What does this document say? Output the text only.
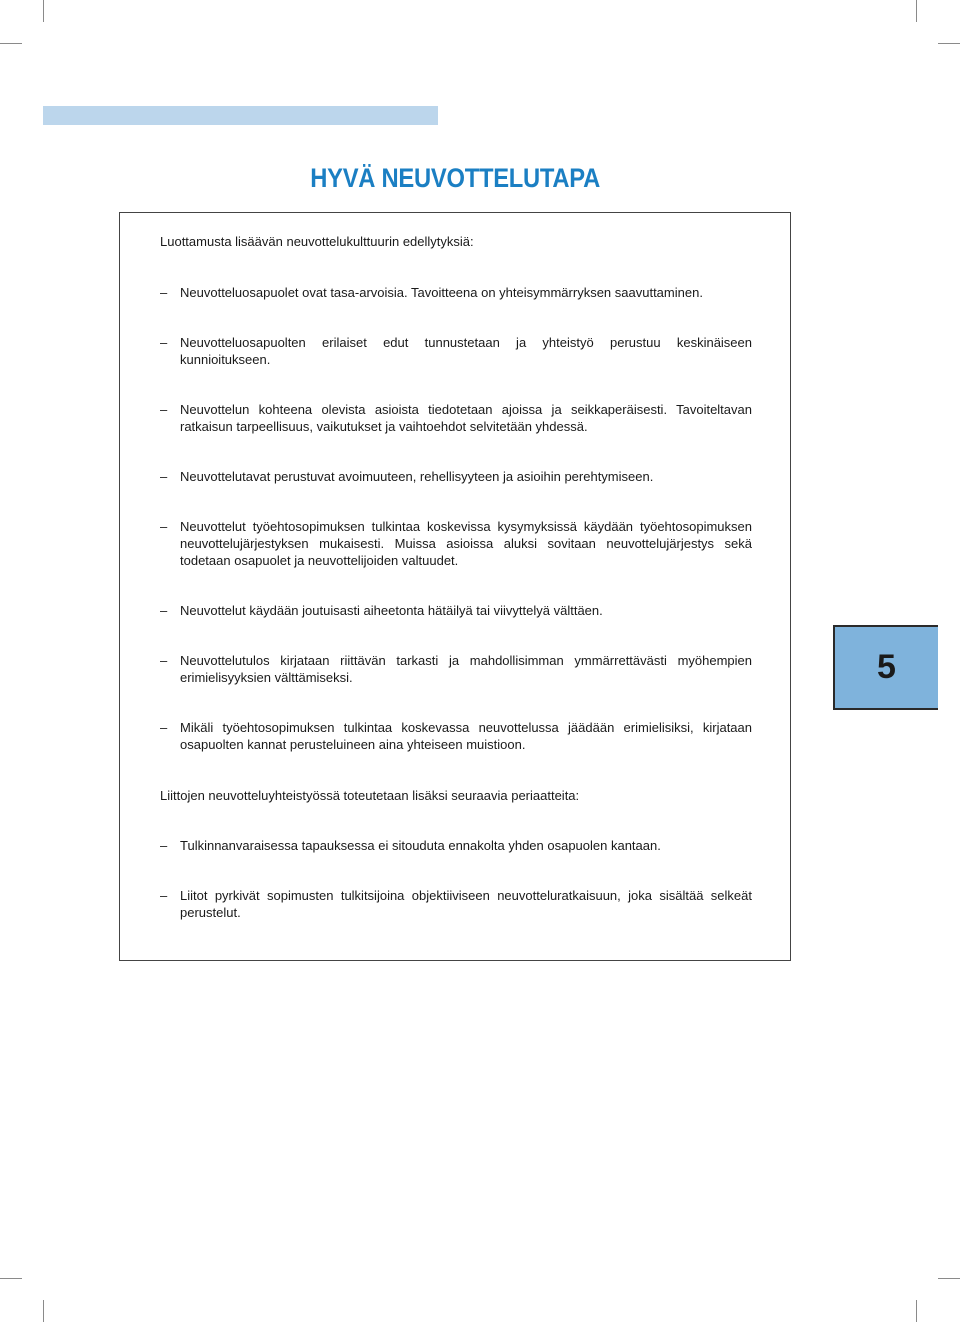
HYVÄ NEUVOTTELUTAPA

Luottamusta lisäävän neuvottelukulttuurin edellytyksiä:

– Neuvotteluosapuolet ovat tasa-arvoisia. Tavoitteena on yhteisymmärryksen saavuttaminen.
– Neuvotteluosapuolten erilaiset edut tunnustetaan ja yhteistyö perustuu keskinäiseen kunnioitukseen.
– Neuvottelun kohteena olevista asioista tiedotetaan ajoissa ja seikkaperäisesti. Tavoiteltavan ratkaisun tarpeellisuus, vaikutukset ja vaihtoehdot selvitetään yhdessä.
– Neuvottelutavat perustuvat avoimuuteen, rehellisyyteen ja asioihin perehtymiseen.
– Neuvottelut työehtosopimuksen tulkintaa koskevissa kysymyksissä käydään työehtosopimuksen neuvottelujärjestyksen mukaisesti. Muissa asioissa aluksi sovitaan neuvottelujärjestys sekä todetaan osapuolet ja neuvottelijoiden valtuudet.
– Neuvottelut käydään joutuisasti aiheetonta hätäilyä tai viivyttelyä välttäen.
– Neuvottelutulos kirjataan riittävän tarkasti ja mahdollisimman ymmärrettävästi myöhempien erimielisyyksien välttämiseksi.
– Mikäli työehtosopimuksen tulkintaa koskevassa neuvottelussa jäädään erimielisiksi, kirjataan osapuolten kannat perusteluineen aina yhteiseen muistioon.

Liittojen neuvotteluyhteistyössä toteutetaan lisäksi seuraavia periaatteita:

– Tulkinnanvaraisessa tapauksessa ei sitouduta ennakolta yhden osapuolen kantaan.
– Liitot pyrkivät sopimusten tulkitsijoina objektiiviseen neuvotteluratkaisuun, joka sisältää selkeät perustelut.
5
